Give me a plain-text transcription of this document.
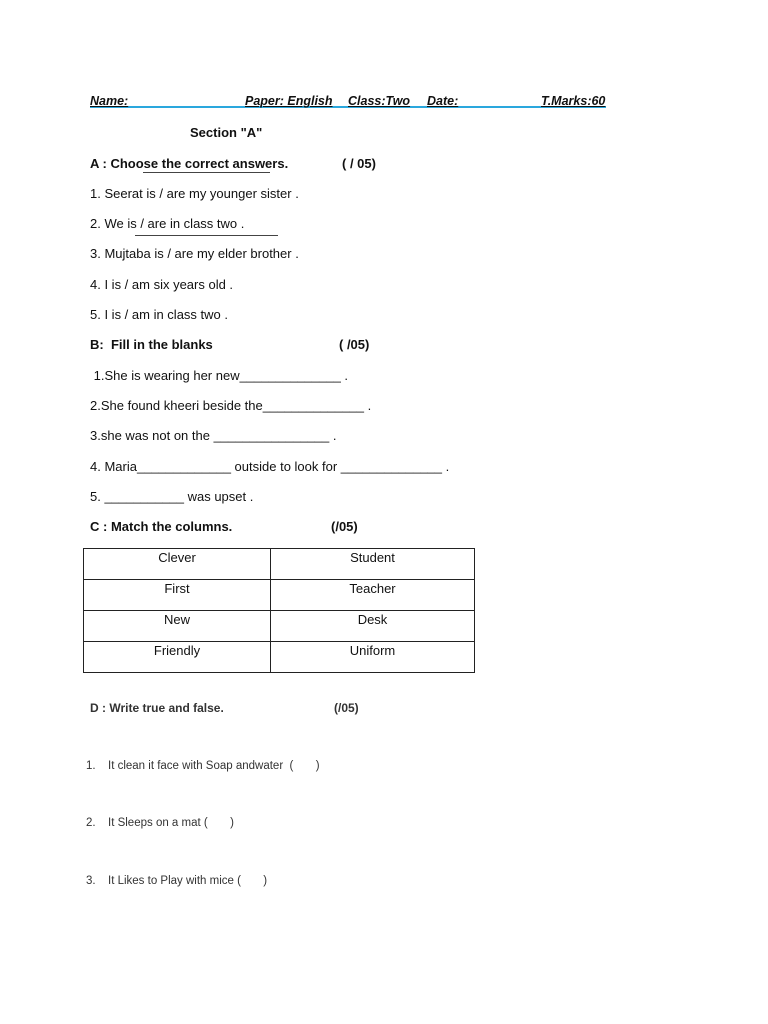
Name:	Paper: English Class:Two Date:	T.Marks:60
Section "A"
A : Choose the correct answers.	( / 05)
1. Seerat is / are my younger sister .
2. We is / are in class two .
3. Mujtaba is / are my elder brother .
4. I is / am six years old .
5. I is / am in class two .
B:  Fill in the blanks	( /05)
1.She is wearing her new______________ .
2.She found kheeri beside the______________ .
3.she was not on the ________________ .
4. Maria_____________ outside to look for ______________ .
5. ___________ was upset .
C : Match the columns.	(/05)
Clever	Student
First	Teacher
New	Desk
Friendly	Uniform
D : Write true and false.	(/05)
1. It clean it face with Soap andwater  (       )
2. It Sleeps on a mat (       )
3. It Likes to Play with mice (       )
